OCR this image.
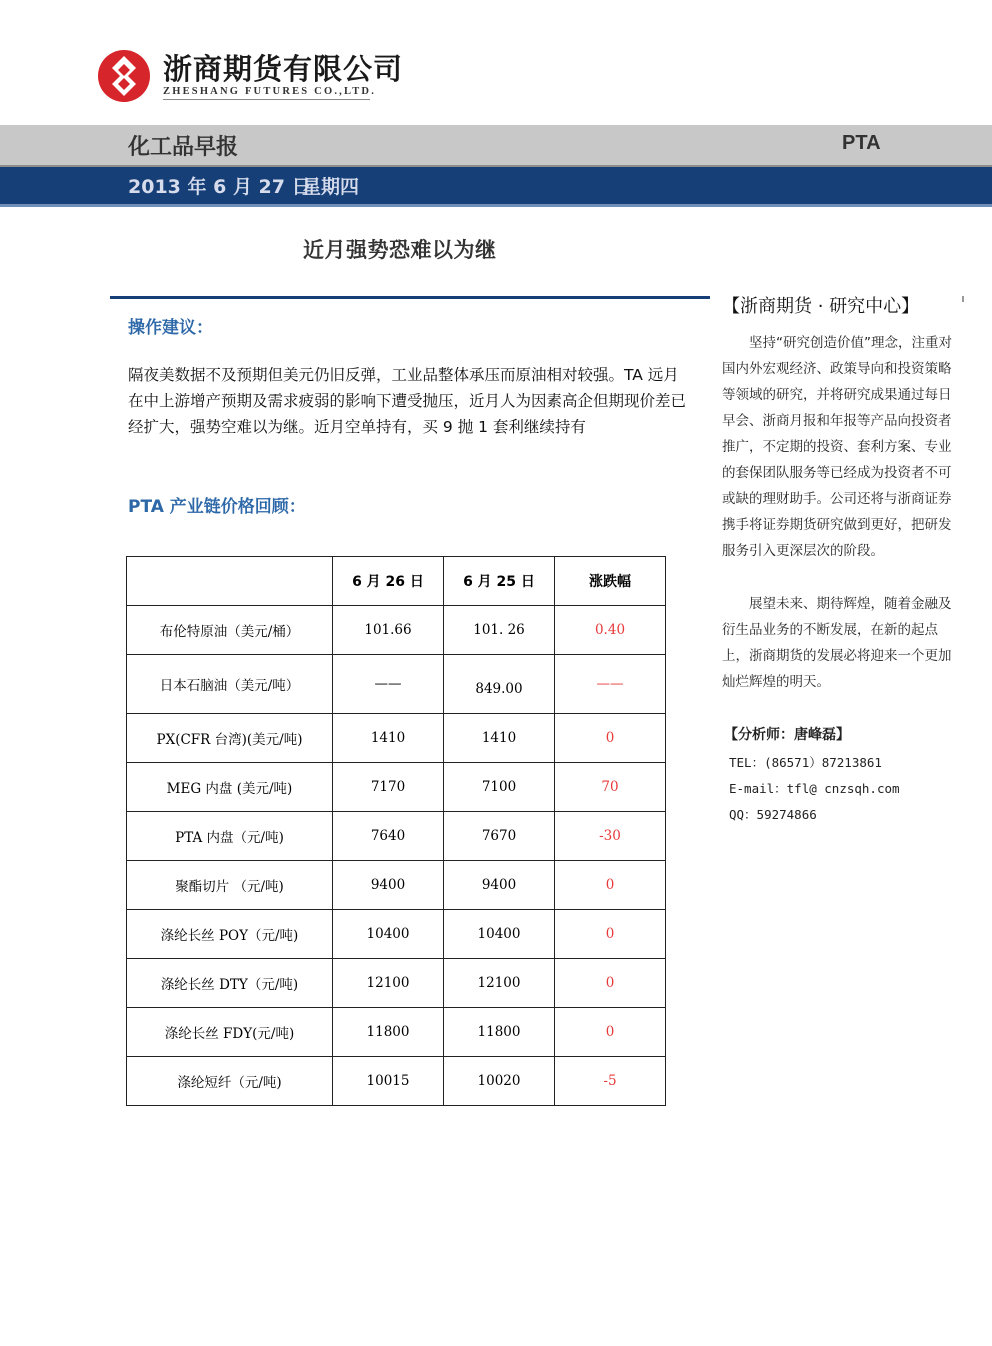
浙商期货有限公司
ZHESHANG FUTURES CO.,LTD.
化工品早报	PTA
2013 年 6 月 27 日
星期四
近月强势恐难以为继
操作建议：
隔夜美数据不及预期但美元仍旧反弹，工业品整体承压而原油相对较强。TA 远月在中上游增产预期及需求疲弱的影响下遭受抛压，近月人为因素高企但期现价差已经扩大，强势空难以为继。近月空单持有，买 9 抛 1 套利继续持有
PTA 产业链价格回顾：
	6 月 26 日	6 月 25 日	涨跌幅
布伦特原油（美元/桶）	101.66	101. 26	0.40
日本石脑油（美元/吨）	——	849.00	——
PX(CFR 台湾)(美元/吨)	1410	1410	0
MEG 内盘 (美元/吨)	7170	7100	70
PTA 内盘（元/吨)	7640	7670	-30
聚酯切片 （元/吨)	9400	9400	0
涤纶长丝 POY（元/吨)	10400	10400	0
涤纶长丝 DTY（元/吨)	12100	12100	0
涤纶长丝 FDY(元/吨)	11800	11800	0
涤纶短纤（元/吨)	10015	10020	-5
【浙商期货 · 研究中心】
坚持“研究创造价值”理念，注重对国内外宏观经济、政策导向和投资策略等领域的研究，并将研究成果通过每日早会、浙商月报和年报等产品向投资者推广，不定期的投资、套利方案、专业的套保团队服务等已经成为投资者不可或缺的理财助手。公司还将与浙商证券携手将证券期货研究做到更好，把研发服务引入更深层次的阶段。
展望未来、期待辉煌，随着金融及衍生品业务的不断发展，在新的起点上，浙商期货的发展必将迎来一个更加灿烂辉煌的明天。
【分析师：唐峰磊】
TEL：(86571）87213861
E-mail：tfl@ cnzsqh.com
QQ：59274866
